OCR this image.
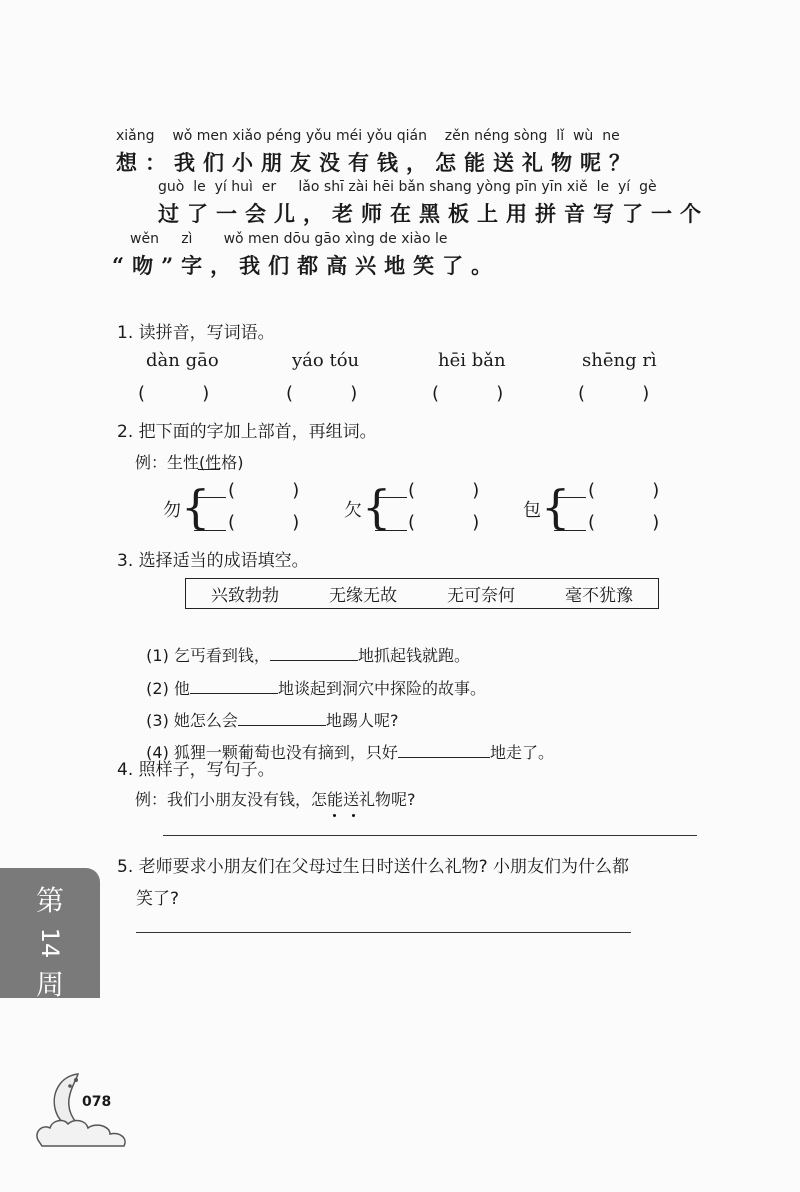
xiǎng    wǒ men xiǎo péng yǒu méi yǒu qián    zěn néng sòng  lǐ  wù  ne
想：我们小朋友没有钱，怎能送礼物呢？
guò  le  yí huì  er     lǎo shī zài hēi bǎn shang yòng pīn yīn xiě  le  yí  gè
过了一会儿，老师在黑板上用拼音写了一个
wěn     zì       wǒ men dōu gāo xìng de xiào le
“吻”字，我们都高兴地笑了。
1. 读拼音，写词语。
dàn gāo	yáo tóu	hēi bǎn	shēng rì
(          )	(          )	(          )	(          )
2. 把下面的字加上部首，再组词。
例：生性(性格)
勿 { (          )
(          )
欠 { (          )
(          )
包 { (          )
(          )
3. 选择适当的成语填空。
兴致勃勃	无缘无故	无可奈何	毫不犹豫

(1) 乞丐看到钱，	地抓起钱就跑。

(2) 他	地谈起到洞穴中探险的故事。

(3) 她怎么会	地踢人呢?

(4) 狐狸一颗葡萄也没有摘到，只好	地走了。

4. 照样子，写句子。
例：我们小朋友没有钱，怎能送礼物呢?
5. 老师要求小朋友们在父母过生日时送什么礼物? 小朋友们为什么都
笑了?
第
14
周
078
